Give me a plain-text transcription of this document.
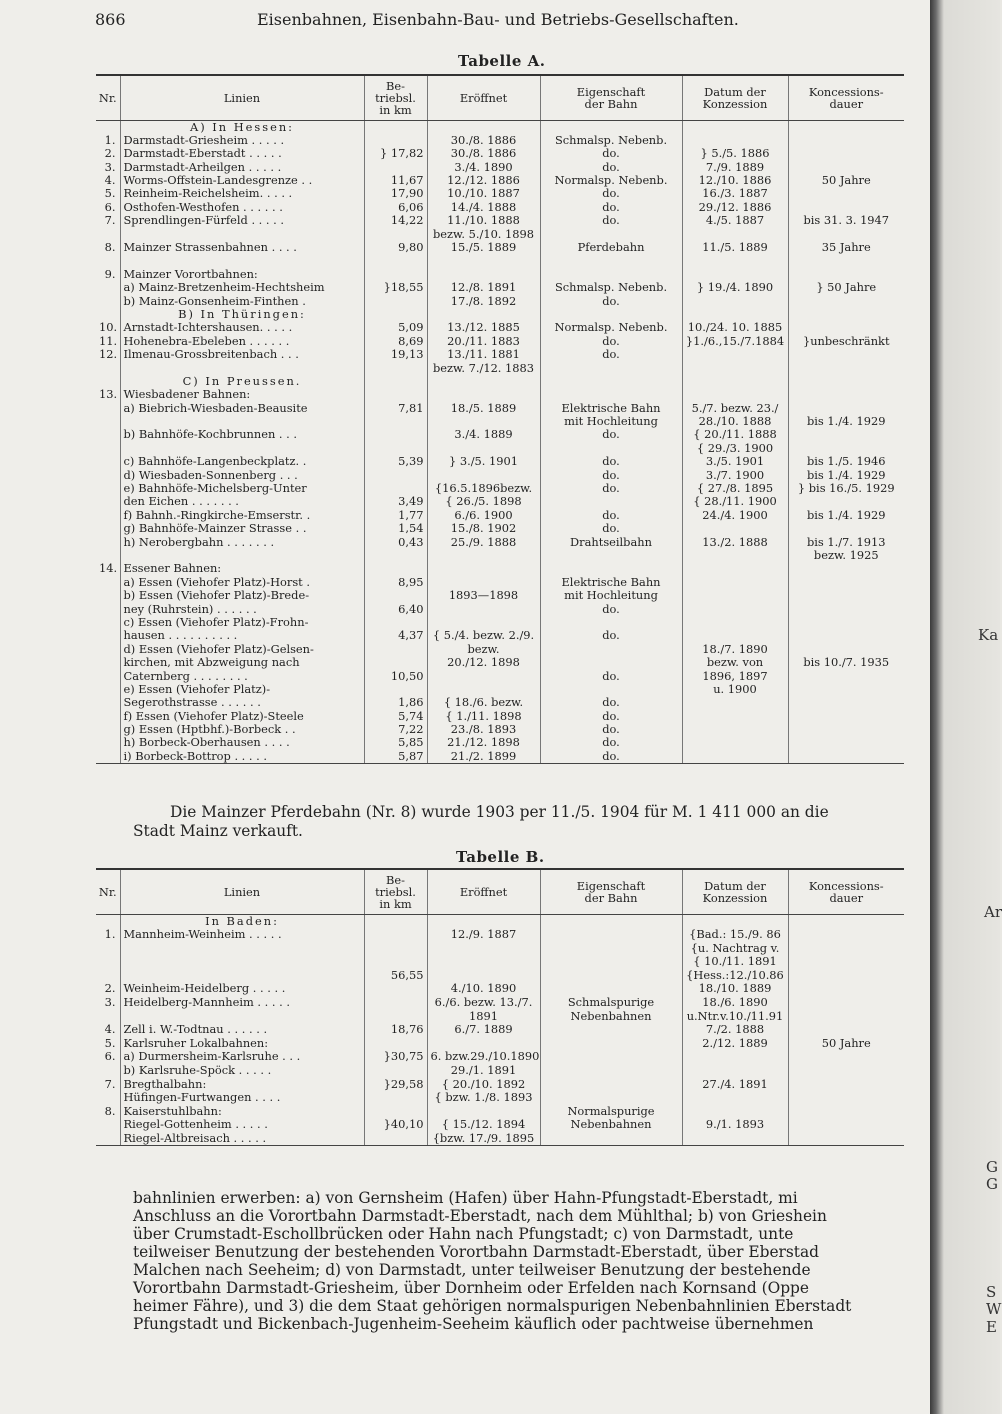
866	Eisenbahnen, Eisenbahn-Bau- und Betriebs-Gesellschaften.
Tabelle A.
Nr.	Linien	Be-
triebsl.
in km	Eröffnet	Eigenschaft
der Bahn	Datum der
Konzession	Koncessions-
dauer
	A) In Hessen:					
1.	Darmstadt-Griesheim . . . . .		30./8. 1886	Schmalsp. Nebenb.		
2.	Darmstadt-Eberstadt . . . . .	} 17,82	30./8. 1886	do.	} 5./5. 1886	
3.	Darmstadt-Arheilgen . . . . .		3./4. 1890	do.	7./9. 1889	
4.	Worms-Offstein-Landesgrenze . .	11,67	12./12. 1886	Normalsp. Nebenb.	12./10. 1886	50 Jahre
5.	Reinheim-Reichelsheim. . . . .	17,90	10./10. 1887	do.	16./3. 1887	
6.	Osthofen-Westhofen . . . . . .	6,06	14./4. 1888	do.	29./12. 1886	
7.	Sprendlingen-Fürfeld . . . . .	14,22	11./10. 1888	do.	4./5. 1887	bis 31. 3. 1947
			bezw. 5./10. 1898			
8.	Mainzer Strassenbahnen . . . .	9,80	15./5. 1889	Pferdebahn	11./5. 1889	35 Jahre

9.	Mainzer Vorortbahnen:					
	a) Mainz-Bretzenheim-Hechtsheim	}18,55	12./8. 1891	Schmalsp. Nebenb.	} 19./4. 1890	} 50 Jahre
	b) Mainz-Gonsenheim-Finthen .		17./8. 1892	do.		
	B) In Thüringen:					
10.	Arnstadt-Ichtershausen. . . . .	5,09	13./12. 1885	Normalsp. Nebenb.	10./24. 10. 1885	
11.	Hohenebra-Ebeleben . . . . . .	8,69	20./11. 1883	do.	}1./6.,15./7.1884	}unbeschränkt
12.	Ilmenau-Grossbreitenbach . . .	19,13	13./11. 1881	do.		
			bezw. 7./12. 1883			
	C) In Preussen.					
13.	Wiesbadener Bahnen:					
	a) Biebrich-Wiesbaden-Beausite	7,81	18./5. 1889	Elektrische Bahn	5./7. bezw. 23./	
				mit Hochleitung	28./10. 1888	bis 1./4. 1929
	b) Bahnhöfe-Kochbrunnen . . .		3./4. 1889	do.	{ 20./11. 1888	
					{ 29./3. 1900	
	c) Bahnhöfe-Langenbeckplatz. .	5,39	} 3./5. 1901	do.	3./5. 1901	bis 1./5. 1946
	d) Wiesbaden-Sonnenberg . . .			do.	3./7. 1900	bis 1./4. 1929
	e) Bahnhöfe-Michelsberg-Unter		{16.5.1896bezw.	do.	{ 27./8. 1895	} bis 16./5. 1929
	den Eichen . . . . . . .	3,49	{ 26./5. 1898		{ 28./11. 1900	
	f) Bahnh.-Ringkirche-Emserstr. .	1,77	6./6. 1900	do.	24./4. 1900	bis 1./4. 1929
	g) Bahnhöfe-Mainzer Strasse . .	1,54	15./8. 1902	do.		
	h) Nerobergbahn . . . . . . .	0,43	25./9. 1888	Drahtseilbahn	13./2. 1888	bis 1./7. 1913
						bezw. 1925
14.	Essener Bahnen:					
	a) Essen (Viehofer Platz)-Horst .	8,95		Elektrische Bahn		
	b) Essen (Viehofer Platz)-Brede-		1893—1898	mit Hochleitung		
	ney (Ruhrstein) . . . . . .	6,40		do.		
	c) Essen (Viehofer Platz)-Frohn-					
	hausen . . . . . . . . . .	4,37	{ 5./4. bezw. 2./9.	do.		
	d) Essen (Viehofer Platz)-Gelsen-		bezw.		18./7. 1890	
	kirchen, mit Abzweigung nach		20./12. 1898		bezw. von	bis 10./7. 1935
	Caternberg . . . . . . . .	10,50		do.	1896, 1897	
	e) Essen (Viehofer Platz)-				u. 1900	
	Segerothstrasse . . . . . .	1,86	{ 18./6. bezw.	do.		
	f) Essen (Viehofer Platz)-Steele	5,74	{ 1./11. 1898	do.		
	g) Essen (Hptbhf.)-Borbeck . .	7,22	23./8. 1893	do.		
	h) Borbeck-Oberhausen . . . .	5,85	21./12. 1898	do.		
	i) Borbeck-Bottrop . . . . .	5,87	21./2. 1899	do.		
Die Mainzer Pferdebahn (Nr. 8) wurde 1903 per 11./5. 1904 für M. 1 411 000 an die
Stadt Mainz verkauft.
Tabelle B.
Nr.	Linien	Be-
triebsl.
in km	Eröffnet	Eigenschaft
der Bahn	Datum der
Konzession	Koncessions-
dauer
	In Baden:					
1.	Mannheim-Weinheim . . . . .		12./9. 1887		{Bad.: 15./9. 86	
					{u. Nachtrag v.	
					{ 10./11. 1891	
		56,55			{Hess.:12./10.86	
2.	Weinheim-Heidelberg . . . . .		4./10. 1890		18./10. 1889	
3.	Heidelberg-Mannheim . . . . .		6./6. bezw. 13./7.	Schmalspurige	18./6. 1890	
			1891	Nebenbahnen	u.Ntr.v.10./11.91	
4.	Zell i. W.-Todtnau . . . . . .	18,76	6./7. 1889		7./2. 1888	
5.	Karlsruher Lokalbahnen:				2./12. 1889	50 Jahre
6.	a) Durmersheim-Karlsruhe . . .	}30,75	6. bzw.29./10.1890			
	b) Karlsruhe-Spöck . . . . .		29./1. 1891			
7.	Bregthalbahn:	}29,58	{ 20./10. 1892		27./4. 1891	
	Hüfingen-Furtwangen . . . .		{ bzw. 1./8. 1893			
8.	Kaiserstuhlbahn:			Normalspurige		
	Riegel-Gottenheim . . . . .	}40,10	{ 15./12. 1894	Nebenbahnen	9./1. 1893	
	Riegel-Altbreisach . . . . .		{bzw. 17./9. 1895			
bahnlinien erwerben: a) von Gernsheim (Hafen) über Hahn-Pfungstadt-Eberstadt, mi
Anschluss an die Vorortbahn Darmstadt-Eberstadt, nach dem Mühlthal; b) von Grieshein
über Crumstadt-Eschollbrücken oder Hahn nach Pfungstadt; c) von Darmstadt, unte
teilweiser Benutzung der bestehenden Vorortbahn Darmstadt-Eberstadt, über Eberstad
Malchen nach Seeheim; d) von Darmstadt, unter teilweiser Benutzung der bestehende
Vorortbahn Darmstadt-Griesheim, über Dornheim oder Erfelden nach Kornsand (Oppe
heimer Fähre), und 3) die dem Staat gehörigen normalspurigen Nebenbahnlinien Eberstadt
Pfungstadt und Bickenbach-Jugenheim-Seeheim käuflich oder pachtweise übernehmen
Ka
Ar
G
G
S
W
E
